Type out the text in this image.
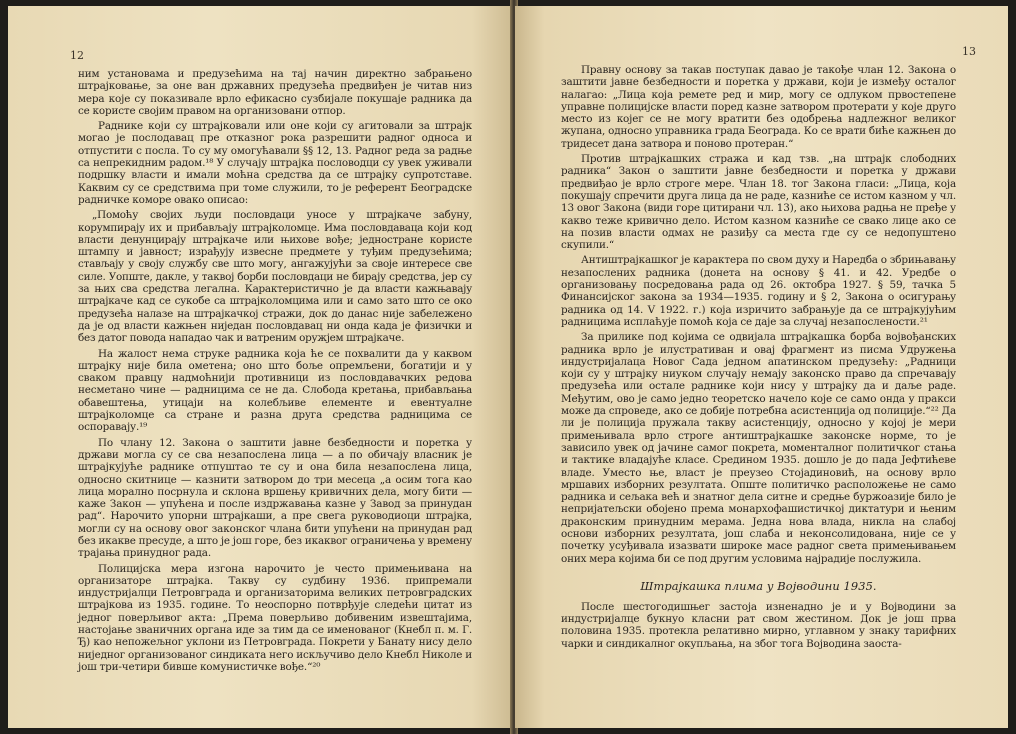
12

ним установама и предузећима на тај начин директно забрањено штрајковање, за оне ван државних предузећа предвиђен је читав низ мера које су показивале врло ефикасно сузбијале покушаје радника да се користе својим правом на организовани отпор.

Раднике који су штрајковали или оне који су агитовали за штрајк могао је послодавац пре отказног рока разрешити радног односа и отпустити с посла. То су му омогућавали §§ 12, 13. Радног реда за радње са непрекидним радом.¹⁸ У случају штрајка пословодци су увек уживали подршку власти и имали моћна средства да се штрајку супротставе. Каквим су се средствима при томе служили, то је референт Београдске радничке коморе овако описао:

„Помоћу својих људи пословдаци уносе у штрајкаче забуну, корумпирају их и прибављају штрајколомце. Има пословдаваца који код власти денунцирају штрајкаче или њихове вође; једностране користе штампу и јавност; израђују извесне предмете у туђим предузећима; стављају у своју службу све што могу, ангажујући за своје интересе све силе. Уопште, дакле, у таквој борби пословдаци не бирају средства, јер су за њих сва средства легална. Карактеристично је да власти кажњавају штрајкаче кад се сукобе са штрајколомцима или и само зато што се око предузећа налазе на штрајкачкој стражи, док до данас није забележено да је од власти кажњен ниједан пословдавац ни онда када је физички и без датог повода нападао чак и ватреним оружјем штрајкаче.

На жалост нема струке радника која ће се похвалити да у каквом штрајку није била ометена; оно што боље опремљени, богатији и у сваком правцу надмоћнији противници из пословдавачких редова несметано чине — радницима се не да. Слобода кретања, прибављања обавештења, утицаји на колебљиве елементе и евентуалне штрајколомце са стране и разна друга средства радницима се оспоравају.¹⁹

По члану 12. Закона о заштити јавне безбедности и поретка у држави могла су се сва незапослена лица — а по обичају власник је штрајкујуће раднике отпуштао те су и она била незапослена лица, односно скитнице — казнити затвором до три месеца „а осим тога као лица морално посрнула и склона вршењу кривичних дела, могу бити — каже Закон — упућена и после издржавања казне у Завод за принудан рад“. Нарочито упорни штрајкаши, а пре свега руководиоци штрајка, могли су на основу овог законског члана бити упућени на принудан рад без икакве пресуде, а што је још горе, без икаквог ограничења у времену трајања принудног рада.

Полицијска мера изгона нарочито је често примењивана на организаторе штрајка. Такву су судбину 1936. припремали индустријалци Петровграда и организаторима великих петровградских штрајкова из 1935. године. То неоспорно потврђује следећи цитат из једног поверљивог акта: „Према поверљиво добивеним извештајима, настојање званичних органа иде за тим да се именованог (Кнебл п. м. Г. Ђ) као непожељног уклони из Петровграда. Покрети у Банату нису дело ниједног организованог синдиката него искључиво дело Кнебл Николе и још три-четири бивше комунистичке вође.“²⁰

13

Правну основу за такав поступак давао је такође члан 12. Закона о заштити јавне безбедности и поретка у држави, који је између осталог налагао: „Лица која ремете ред и мир, могу се одлуком првостепене управне полицијске власти поред казне затвором протерати у које друго место из којег се не могу вратити без одобрења надлежног великог жупана, односно управника града Београда. Ко се врати биће кажњен до тридесет дана затвора и поново протеран.“

Против штрајкашких стража и кад тзв. „на штрајк слободних радника“ Закон о заштити јавне безбедности и поретка у држави предвиђао је врло строге мере. Члан 18. тог Закона гласи: „Лица, која покушају спречити друга лица да не раде, казниће се истом казном у чл. 13 овог Закона (види горе цитирани чл. 13), ако њихова радња не пређе у какво теже кривично дело. Истом казном казниће се свако лице ако се на позив власти одмах не разиђу са места где су се недопуштено скупили.“

Антиштрајкашког је карактера по свом духу и Наредба о збрињавању незапослених радника (донета на основу § 41. и 42. Уредбе о организовању посредовања рада од 26. октобра 1927. § 59, тачка 5 Финансијског закона за 1934—1935. годину и § 2, Закона о осигурању радника од 14. V 1922. г.) која изричито забрањује да се штрајкујућим радницима исплаћује помоћ која се даје за случај незапослености.²¹

За прилике под којима се одвијала штрајкашка борба војвођанских радника врло је илустративан и овај фрагмент из писма Удружења индустријалаца Новог Сада једном апатинском предузећу: „Радници који су у штрајку ниуком случају немају законско право да спречавају предузећа или остале раднике који нису у штрајку да и даље раде. Међутим, ово је само једно теоретско начело које се само онда у пракси може да спроведе, ако се добије потребна асистенција од полиције.“²² Да ли је полиција пружала такву асистенцију, односно у којој је мери примењивала врло строге антиштрајкашке законске норме, то је зависило увек од јачине самог покрета, моменталног политичког стања и тактике владајуће класе. Средином 1935. дошло је до пада Јефтићеве владе. Уместо ње, власт је преузео Стојадиновић, на основу врло мршавих изборних резултата. Опште политичко расположење не само радника и сељака већ и знатног дела ситне и средње буржоазије било је непријатељски обојено према монархофашистичкој диктатури и њеним драконским принудним мерама. Једна нова влада, никла на слабој основи изборних резултата, још слаба и неконсолидована, није се у почетку усуђивала изазвати широке масе радног света примењивањем оних мера којима би се под другим условима најрадије послужила.

Штрајкашка плима у Војводини 1935.

После шестогодишњег застоја изненадно је и у Војводини за индустријалце букнуо класни рат свом жестином. Док је још прва половина 1935. протекла релативно мирно, углавном у знаку тарифних чарки и синдикалног окупљања, на због тога Војводина заоста-
